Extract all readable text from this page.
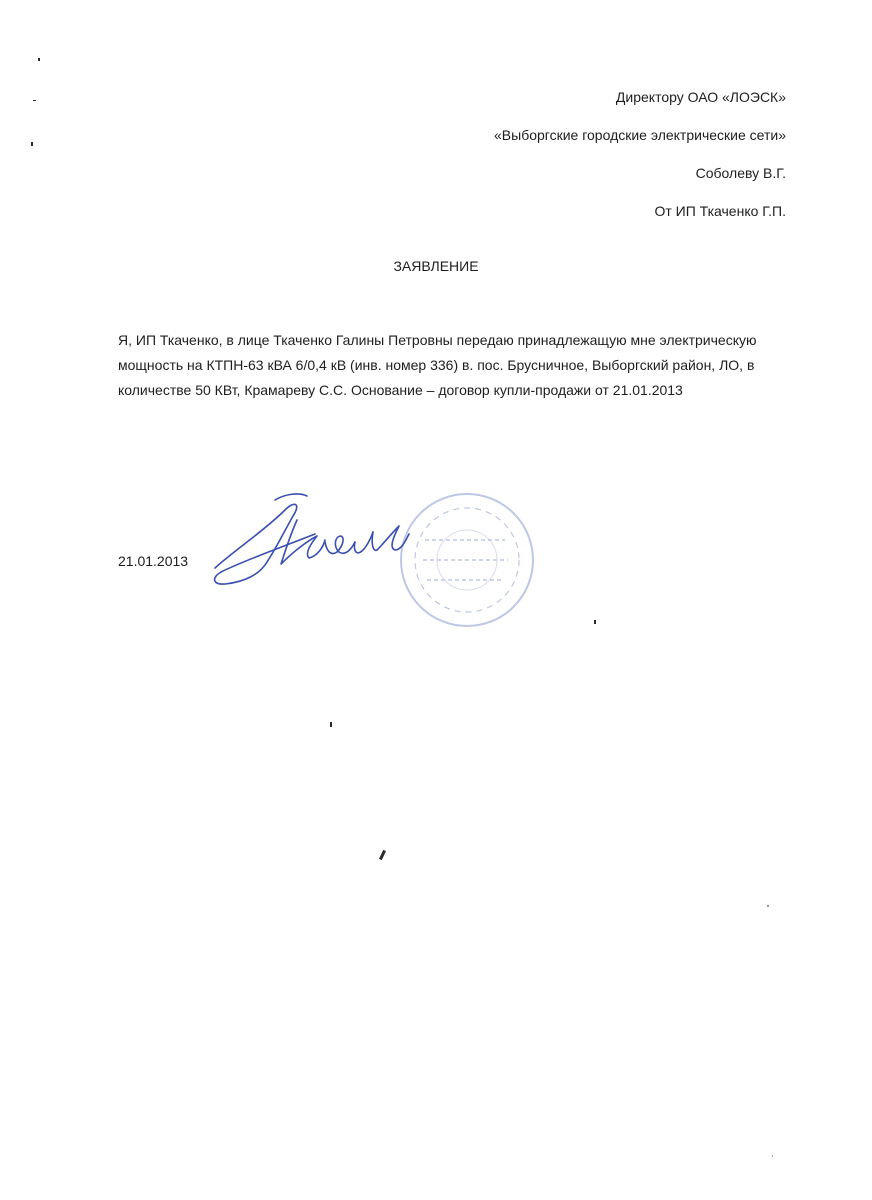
Директору ОАО «ЛОЭСК»
«Выборгские городские электрические сети»
Соболеву В.Г.
От ИП Ткаченко Г.П.
ЗАЯВЛЕНИЕ
Я, ИП Ткаченко, в лице Ткаченко Галины Петровны передаю принадлежащую мне электрическую
мощность на КТПН-63 кВА 6/0,4 кВ (инв. номер 336) в. пос. Брусничное, Выборгский район, ЛО, в
количестве 50 КВт, Крамареву С.С. Основание – договор купли-продажи от 21.01.2013
21.01.2013
